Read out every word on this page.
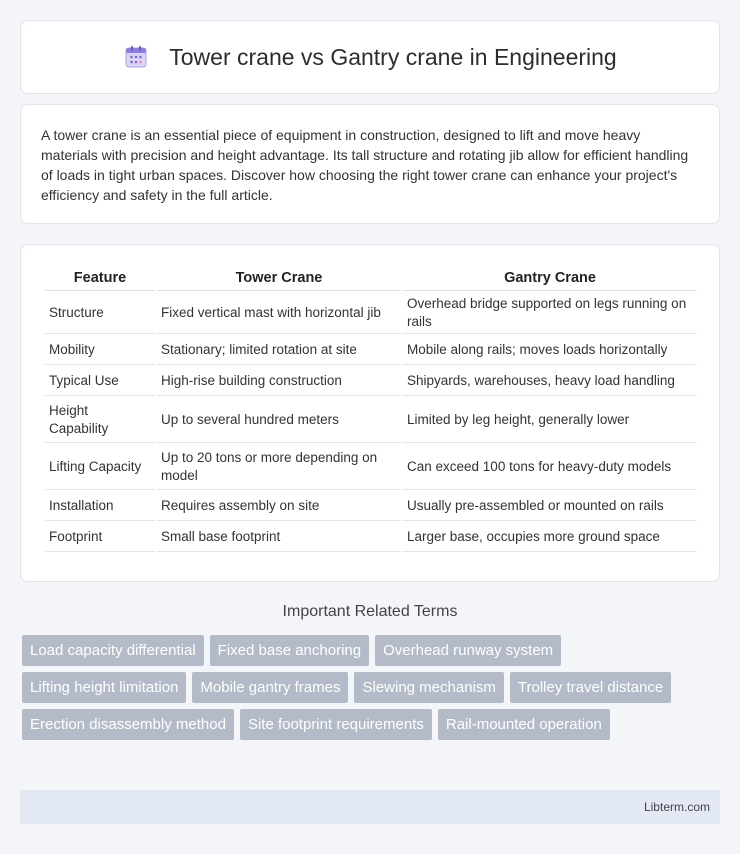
Tower crane vs Gantry crane in Engineering

A tower crane is an essential piece of equipment in construction, designed to lift and move heavy materials with precision and height advantage. Its tall structure and rotating jib allow for efficient handling of loads in tight urban spaces. Discover how choosing the right tower crane can enhance your project's efficiency and safety in the full article.

Feature	Tower Crane	Gantry Crane
Structure	Fixed vertical mast with horizontal jib	Overhead bridge supported on legs running on rails
Mobility	Stationary; limited rotation at site	Mobile along rails; moves loads horizontally
Typical Use	High-rise building construction	Shipyards, warehouses, heavy load handling
Height Capability	Up to several hundred meters	Limited by leg height, generally lower
Lifting Capacity	Up to 20 tons or more depending on model	Can exceed 100 tons for heavy-duty models
Installation	Requires assembly on site	Usually pre-assembled or mounted on rails
Footprint	Small base footprint	Larger base, occupies more ground space
Important Related Terms
Load capacity differential	Fixed base anchoring	Overhead runway system
Lifting height limitation	Mobile gantry frames	Slewing mechanism	Trolley travel distance
Erection disassembly method	Site footprint requirements	Rail-mounted operation
Libterm.com
